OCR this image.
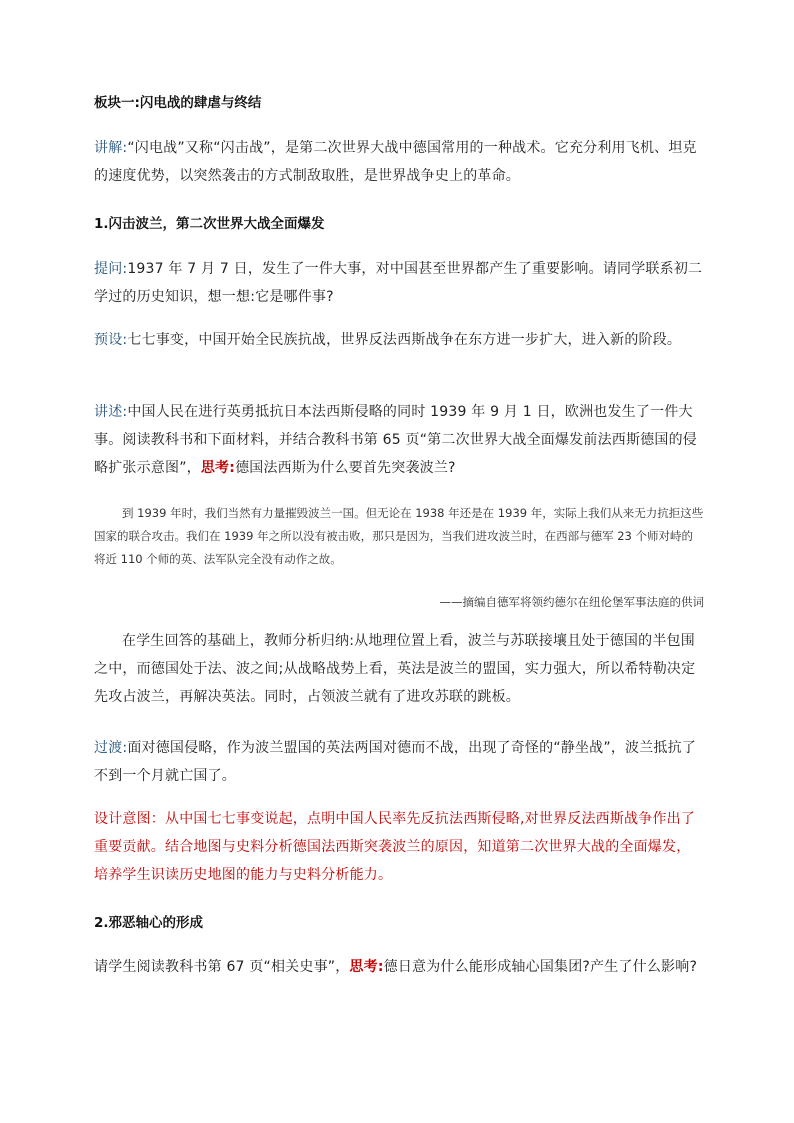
板块一:闪电战的肆虐与终结

讲解:“闪电战”又称“闪击战”，是第二次世界大战中德国常用的一种战术。它充分利用飞机、坦克的速度优势，以突然袭击的方式制敌取胜，是世界战争史上的革命。

1.闪击波兰，第二次世界大战全面爆发

提问:1937 年 7 月 7 日，发生了一件大事，对中国甚至世界都产生了重要影响。请同学联系初二学过的历史知识，想一想:它是哪件事?

预设:七七事变，中国开始全民族抗战，世界反法西斯战争在东方进一步扩大，进入新的阶段。

讲述:中国人民在进行英勇抵抗日本法西斯侵略的同时 1939 年 9 月 1 日，欧洲也发生了一件大事。阅读教科书和下面材料，并结合教科书第 65 页“第二次世界大战全面爆发前法西斯德国的侵略扩张示意图”，思考:德国法西斯为什么要首先突袭波兰?

到 1939 年时，我们当然有力量摧毁波兰一国。但无论在 1938 年还是在 1939 年，实际上我们从来无力抗拒这些国家的联合攻击。我们在 1939 年之所以没有被击败，那只是因为，当我们进攻波兰时，在西部与德军 23 个师对峙的将近 110 个师的英、法军队完全没有动作之故。

——摘编自德军将领约德尔在纽伦堡军事法庭的供词

在学生回答的基础上，教师分析归纳:从地理位置上看，波兰与苏联接壤且处于德国的半包围之中，而德国处于法、波之间;从战略战势上看，英法是波兰的盟国，实力强大，所以希特勒决定先攻占波兰，再解决英法。同时，占领波兰就有了进攻苏联的跳板。

过渡:面对德国侵略，作为波兰盟国的英法两国对德而不战，出现了奇怪的“静坐战”，波兰抵抗了不到一个月就亡国了。

设计意图：从中国七七事变说起，点明中国人民率先反抗法西斯侵略,对世界反法西斯战争作出了重要贡献。结合地图与史料分析德国法西斯突袭波兰的原因，知道第二次世界大战的全面爆发，培养学生识读历史地图的能力与史料分析能力。

2.邪恶轴心的形成

请学生阅读教科书第 67 页“相关史事”，思考:德日意为什么能形成轴心国集团?产生了什么影响?
